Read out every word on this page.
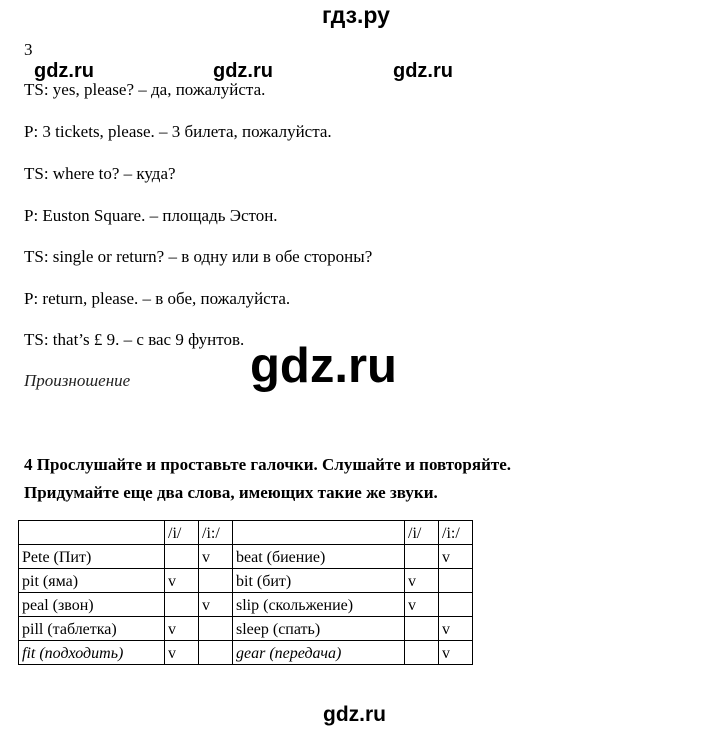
гдз.ру
3
gdz.ru	gdz.ru	gdz.ru
TS: yes, please? – да, пожалуйста.
P: 3 tickets, please. – 3 билета, пожалуйста.
TS: where to? – куда?
P: Euston Square. – площадь Эстон.
TS: single or return? – в одну или в обе стороны?
P: return, please. – в обе, пожалуйста.
TS: that’s £ 9. – с вас 9 фунтов.
Произношение gdz.ru
4 Прослушайте и проставьте галочки. Слушайте и повторяйте.
Придумайте еще два слова, имеющих такие же звуки.
	/i/	/i:/		/i/	/i:/
Pete (Пит)		v	beat (биение)		v
pit (яма)	v		bit (бит)	v	
peal (звон)		v	slip (скольжение)	v	
pill (таблетка)	v		sleep (спать)		v
fit (подходить)	v		gear (передача)		v
gdz.ru
